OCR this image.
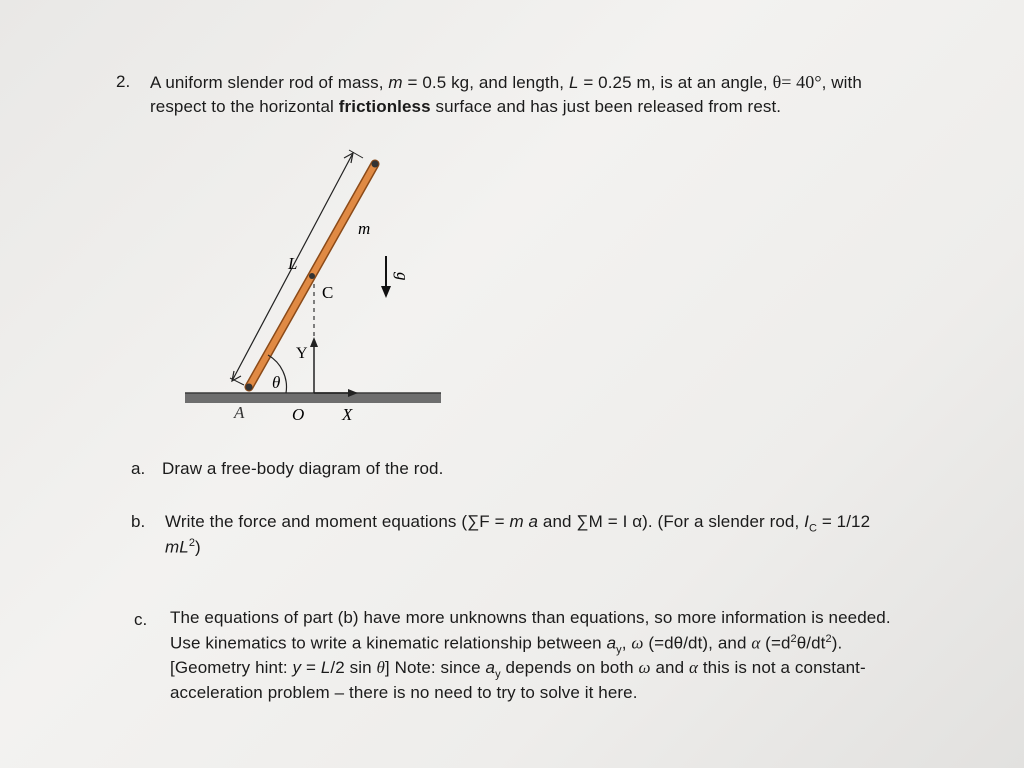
2. A uniform slender rod of mass, m = 0.5 kg, and length, L = 0.25 m, is at an angle, θ= 40°, with
respect to the horizontal frictionless surface and has just been released from rest.
m
L
C
g
Y
θ
A	O X
a. Draw a free-body diagram of the rod.
b. Write the force and moment equations (∑F = m a and ∑M = I α). (For a slender rod, $I_C = 1/12$
$mL^2$)
c. The equations of part (b) have more unknowns than equations, so more information is needed.
Use kinematics to write a kinematic relationship between $a_y$, ω (=dθ/dt), and α $(=d^2\theta/dt^2)$.
[Geometry hint: y = L/2 sin θ] Note: since $a_y$ depends on both ω and α this is not a constant-
acceleration problem – there is no need to try to solve it here.
